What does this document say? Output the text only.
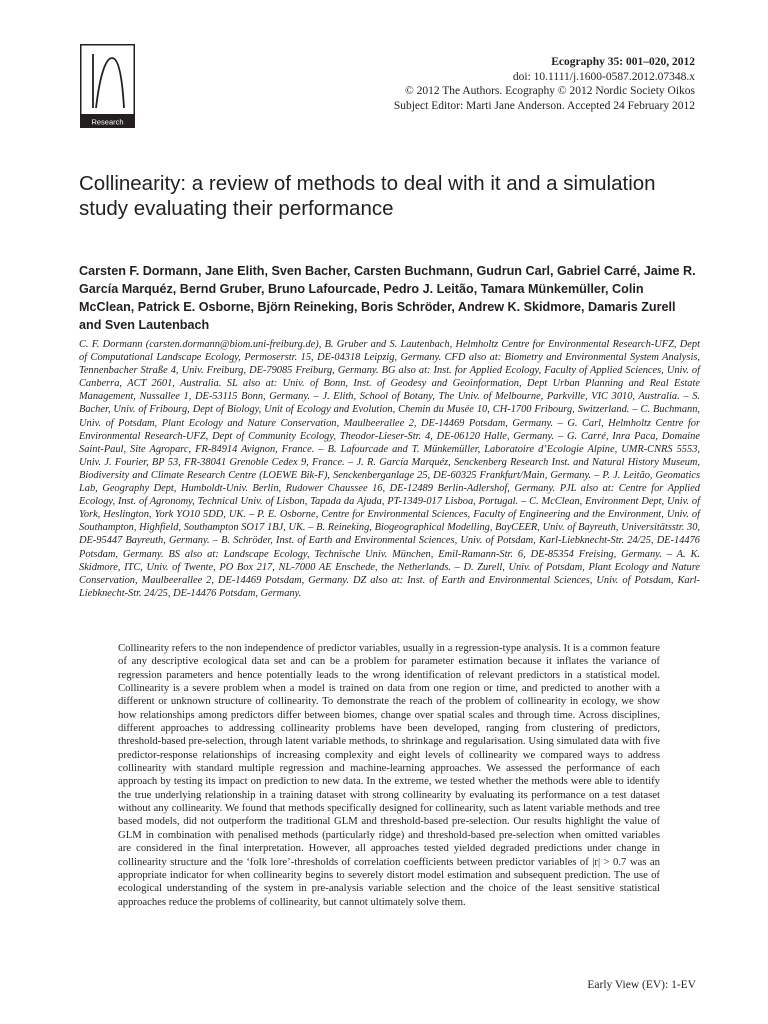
Research
Ecography 35: 001–020, 2012
doi: 10.1111/j.1600-0587.2012.07348.x
© 2012 The Authors. Ecography © 2012 Nordic Society Oikos
Subject Editor: Marti Jane Anderson. Accepted 24 February 2012
Collinearity: a review of methods to deal with it and a simulation study evaluating their performance

Carsten F. Dormann, Jane Elith, Sven Bacher, Carsten Buchmann, Gudrun Carl, Gabriel Carré, Jaime R. García Marquéz, Bernd Gruber, Bruno Lafourcade, Pedro J. Leitão, Tamara Münkemüller, Colin McClean, Patrick E. Osborne, Björn Reineking, Boris Schröder, Andrew K. Skidmore, Damaris Zurell and Sven Lautenbach

C. F. Dormann (carsten.dormann@biom.uni-freiburg.de), B. Gruber and S. Lautenbach, Helmholtz Centre for Environmental Research-UFZ, Dept of Computational Landscape Ecology, Permoserstr. 15, DE-04318 Leipzig, Germany. CFD also at: Biometry and Environmental System Analysis, Tennenbacher Straße 4, Univ. Freiburg, DE-79085 Freiburg, Germany. BG also at: Inst. for Applied Ecology, Faculty of Applied Sciences, Univ. of Canberra, ACT 2601, Australia. SL also at: Univ. of Bonn, Inst. of Geodesy and Geoinformation, Dept Urban Planning and Real Estate Management, Nussallee 1, DE-53115 Bonn, Germany. – J. Elith, School of Botany, The Univ. of Melbourne, Parkville, VIC 3010, Australia. – S. Bacher, Univ. of Fribourg, Dept of Biology, Unit of Ecology and Evolution, Chemin du Musée 10, CH-1700 Fribourg, Switzerland. – C. Buchmann, Univ. of Potsdam, Plant Ecology and Nature Conservation, Maulbeerallee 2, DE-14469 Potsdam, Germany. – G. Carl, Helmholtz Centre for Environmental Research-UFZ, Dept of Community Ecology, Theodor-Lieser-Str. 4, DE-06120 Halle, Germany. – G. Carré, Inra Paca, Domaine Saint-Paul, Site Agroparc, FR-84914 Avignon, France. – B. Lafourcade and T. Münkemüller, Laboratoire d’Ecologie Alpine, UMR-CNRS 5553, Univ. J. Fourier, BP 53, FR-38041 Grenoble Cedex 9, France. – J. R. García Marquéz, Senckenberg Research Inst. and Natural History Museum, Biodiversity and Climate Research Centre (LOEWE Bik-F), Senckenberganlage 25, DE-60325 Frankfurt/Main, Germany. – P. J. Leitão, Geomatics Lab, Geography Dept, Humboldt-Univ. Berlin, Rudower Chaussee 16, DE-12489 Berlin-Adlershof, Germany. PJL also at: Centre for Applied Ecology, Inst. of Agronomy, Technical Univ. of Lisbon, Tapada da Ajuda, PT-1349-017 Lisboa, Portugal. – C. McClean, Environment Dept, Univ. of York, Heslington, York YO10 5DD, UK. – P. E. Osborne, Centre for Environmental Sciences, Faculty of Engineering and the Environment, Univ. of Southampton, Highfield, Southampton SO17 1BJ, UK. – B. Reineking, Biogeographical Modelling, BayCEER, Univ. of Bayreuth, Universitätsstr. 30, DE-95447 Bayreuth, Germany. – B. Schröder, Inst. of Earth and Environmental Sciences, Univ. of Potsdam, Karl-Liebknecht-Str. 24/25, DE-14476 Potsdam, Germany. BS also at: Landscape Ecology, Technische Univ. München, Emil-Ramann-Str. 6, DE-85354 Freising, Germany. – A. K. Skidmore, ITC, Univ. of Twente, PO Box 217, NL-7000 AE Enschede, the Netherlands. – D. Zurell, Univ. of Potsdam, Plant Ecology and Nature Conservation, Maulbeerallee 2, DE-14469 Potsdam, Germany. DZ also at: Inst. of Earth and Environmental Sciences, Univ. of Potsdam, Karl-Liebknecht-Str. 24/25, DE-14476 Potsdam, Germany.

Collinearity refers to the non independence of predictor variables, usually in a regression-type analysis. It is a common feature of any descriptive ecological data set and can be a problem for parameter estimation because it inflates the variance of regression parameters and hence potentially leads to the wrong identification of relevant predictors in a statistical model. Collinearity is a severe problem when a model is trained on data from one region or time, and predicted to another with a different or unknown structure of collinearity. To demonstrate the reach of the problem of collinearity in ecology, we show how relationships among predictors differ between biomes, change over spatial scales and through time. Across disciplines, different approaches to addressing collinearity problems have been developed, ranging from clustering of predictors, threshold-based pre-selection, through latent variable methods, to shrinkage and regularisation. Using simulated data with five predictor-response relationships of increasing complexity and eight levels of collinearity we compared ways to address collinearity with standard multiple regression and machine-learning approaches. We assessed the performance of each approach by testing its impact on prediction to new data. In the extreme, we tested whether the methods were able to identify the true underlying relationship in a training dataset with strong collinearity by evaluating its performance on a test dataset without any collinearity. We found that methods specifically designed for collinearity, such as latent variable methods and tree based models, did not outperform the traditional GLM and threshold-based pre-selection. Our results highlight the value of GLM in combination with penalised methods (particularly ridge) and threshold-based pre-selection when omitted variables are considered in the final interpretation. However, all approaches tested yielded degraded predictions under change in collinearity structure and the ‘folk lore’-thresholds of correlation coefficients between predictor variables of |r| > 0.7 was an appropriate indicator for when collinearity begins to severely distort model estimation and subsequent prediction. The use of ecological understanding of the system in pre-analysis variable selection and the choice of the least sensitive statistical approaches reduce the problems of collinearity, but cannot ultimately solve them.

Early View (EV): 1-EV
